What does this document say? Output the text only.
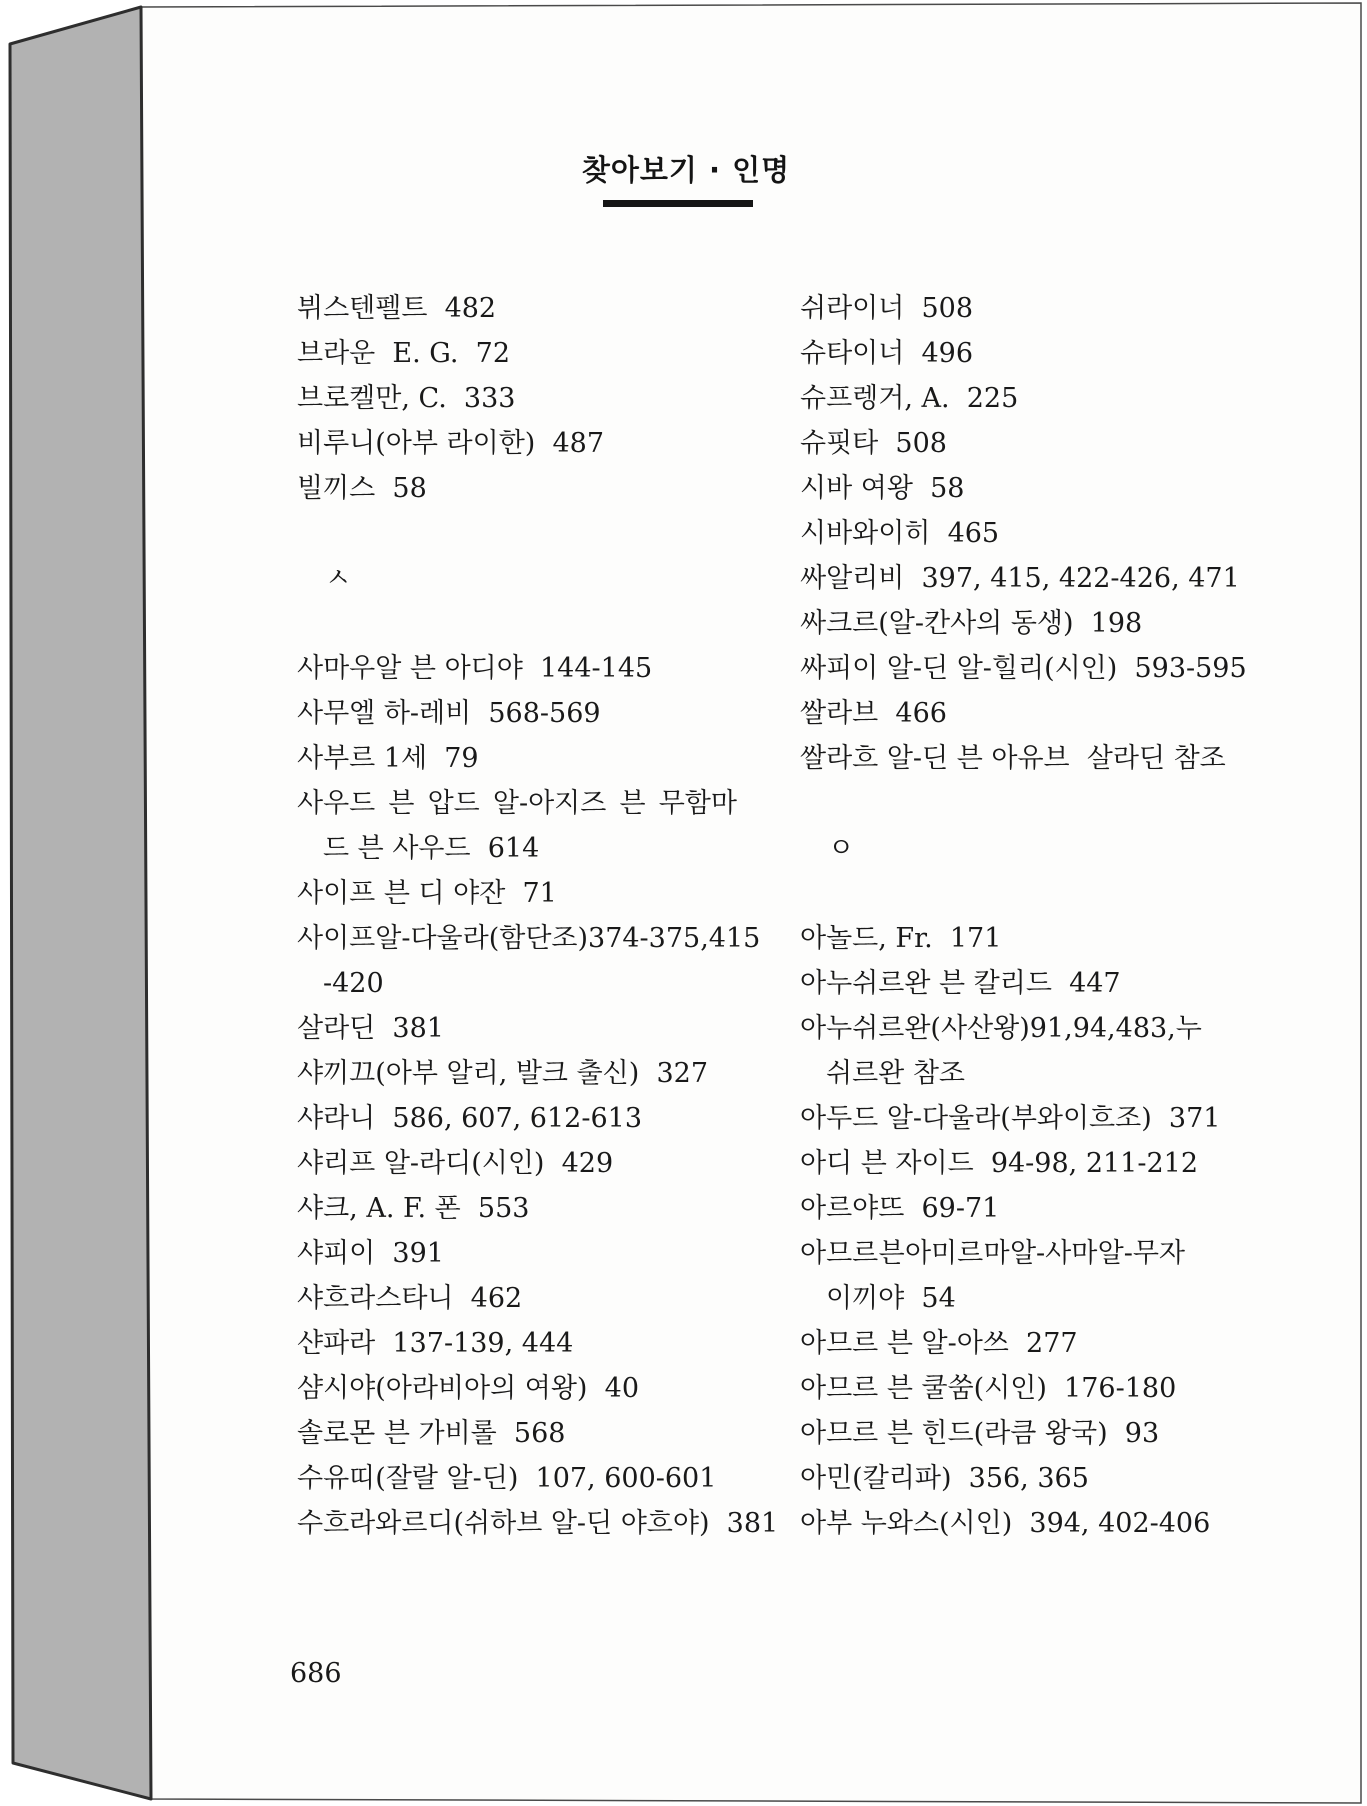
찾아보기 · 인명
뷔스텐펠트  482
브라운  E. G.  72
브로켈만, C.  333
비루니(아부 라이한)  487
빌끼스  58
ㅅ
사마우알 븐 아디야  144-145
사무엘 하-레비  568-569
사부르 1세  79
사우드 븐 압드 알-아지즈 븐 무함마
드 븐 사우드  614
사이프 븐 디 야잔  71
사이프 알-다울라(함단조) 374-375, 415
-420
살라딘  381
샤끼끄(아부 알리, 발크 출신)  327
샤라니  586, 607, 612-613
샤리프 알-라디(시인)  429
샤크, A. F. 폰  553
샤피이  391
샤흐라스타니  462
샨파라  137-139, 444
샴시야(아라비아의 여왕)  40
솔로몬 븐 가비롤  568
수유띠(잘랄 알-딘)  107, 600-601
수흐라와르디(쉬하브 알-딘 야흐야)  381
쉬라이너  508
슈타이너  496
슈프렝거, A.  225
슈핏타  508
시바 여왕  58
시바와이히  465
싸알리비  397, 415, 422-426, 471
싸크르(알-칸사의 동생)  198
싸피이 알-딘 알-힐리(시인)  593-595
쌀라브  466
쌀라흐 알-딘 븐 아유브  살라딘 참조
ㅇ
아놀드, Fr.  171
아누쉬르완 븐 칼리드  447
아누쉬르완(사산 왕) 91, 94, 483, 누
쉬르완 참조
아두드 알-다울라(부와이흐조)  371
아디 븐 자이드  94-98, 211-212
아르야뜨  69-71
아므르 븐 아미르 마 알-사마 알-무자
이끼야  54
아므르 븐 알-아쓰  277
아므르 븐 쿨쑴(시인)  176-180
아므르 븐 힌드(라큼 왕국)  93
아민(칼리파)  356, 365
아부 누와스(시인)  394, 402-406
686
